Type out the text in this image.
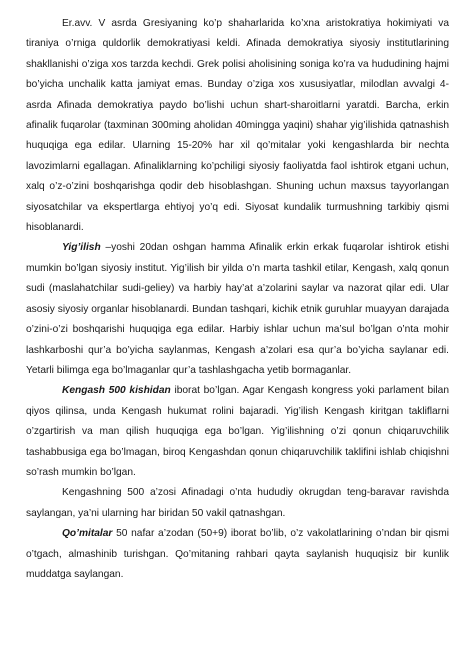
Er.avv. V asrda Gresiyaning ko’p shaharlarida ko’xna aristokratiya hokimiyati va tiraniya o’rniga quldorlik demokratiyasi keldi. Afinada demokratiya siyosiy institutlarining shakllanishi o’ziga xos tarzda kechdi. Grek polisi aholisining soniga ko’ra va hududining hajmi bo’yicha unchalik katta jamiyat emas. Bunday o’ziga xos xususiyatlar, milodlan avvalgi 4-asrda Afinada demokratiya paydo bo’lishi uchun shart-sharoitlarni yaratdi. Barcha, erkin afinalik fuqarolar (taxminan 300ming aholidan 40mingga yaqini) shahar yig’ilishida qatnashish huquqiga ega edilar. Ularning 15-20% har xil qo’mitalar yoki kengashlarda bir nechta lavozimlarni egallagan. Afinaliklarning ko’pchiligi siyosiy faoliyatda faol ishtirok etgani uchun, xalq o’z-o’zini boshqarishga qodir deb hisoblashgan. Shuning uchun maxsus tayyorlangan siyosatchilar va ekspertlarga ehtiyoj yo’q edi. Siyosat kundalik turmushning tarkibiy qismi hisoblanardi.

Yig’ilish –yoshi 20dan oshgan hamma Afinalik erkin erkak fuqarolar ishtirok etishi mumkin bo’lgan siyosiy institut. Yig’ilish bir yilda o’n marta tashkil etilar, Kengash, xalq qonun sudi (maslahatchilar sudi-geliey) va harbiy hay’at a’zolarini saylar va nazorat qilar edi. Ular asosiy siyosiy organlar hisoblanardi. Bundan tashqari, kichik etnik guruhlar muayyan darajada o’zini-o’zi boshqarishi huquqiga ega edilar. Harbiy ishlar uchun ma’sul bo’lgan o’nta mohir lashkarboshi qur’a bo’yicha saylanmas, Kengash a’zolari esa qur’a bo’yicha saylanar edi. Yetarli bilimga ega bo’lmaganlar qur’a tashlashgacha yetib bormaganlar.

Kengash 500 kishidan iborat bo’lgan. Agar Kengash kongress yoki parlament bilan qiyos qilinsa, unda Kengash hukumat rolini bajaradi. Yig’ilish Kengash kiritgan takliflarni o’zgartirish va man qilish huquqiga ega bo’lgan. Yig’ilishning o’zi qonun chiqaruvchilik tashabbusiga ega bo’lmagan, biroq Kengashdan qonun chiqaruvchilik taklifini ishlab chiqishni so’rash mumkin bo’lgan.

Kengashning 500 a’zosi Afinadagi o’nta hududiy okrugdan teng-baravar ravishda saylangan, ya’ni ularning har biridan 50 vakil qatnashgan.

Qo’mitalar 50 nafar a’zodan (50+9) iborat bo’lib, o’z vakolatlarining o’ndan bir qismi o’tgach, almashinib turishgan. Qo’mitaning rahbari qayta saylanish huquqisiz bir kunlik muddatga saylangan.
